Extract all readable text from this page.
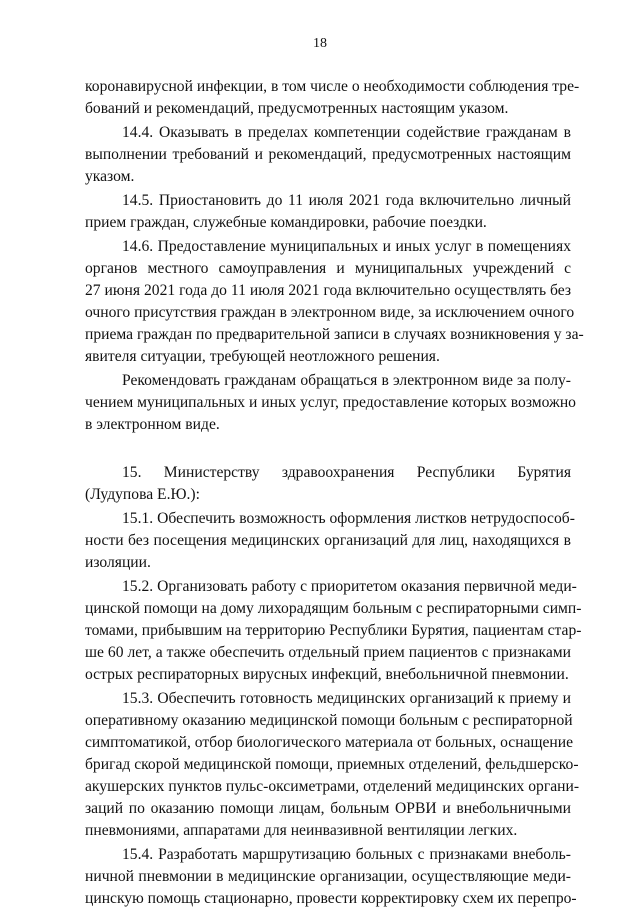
18
коронавирусной инфекции, в том числе о необходимости соблюдения тре-
бований и рекомендаций, предусмотренных настоящим указом.
14.4. Оказывать в пределах компетенции содействие гражданам в
выполнении требований и рекомендаций, предусмотренных настоящим
указом.
14.5. Приостановить до 11 июля 2021 года включительно личный
прием граждан, служебные командировки, рабочие поездки.
14.6. Предоставление муниципальных и иных услуг в помещениях
органов местного самоуправления и муниципальных учреждений с
27 июня 2021 года до 11 июля 2021 года включительно осуществлять без
очного присутствия граждан в электронном виде, за исключением очного
приема граждан по предварительной записи в случаях возникновения у за-
явителя ситуации, требующей неотложного решения.
Рекомендовать гражданам обращаться в электронном виде за полу-
чением муниципальных и иных услуг, предоставление которых возможно
в электронном виде.
15. Министерству здравоохранения Республики Бурятия
(Лудупова Е.Ю.):
15.1. Обеспечить возможность оформления листков нетрудоспособ-
ности без посещения медицинских организаций для лиц, находящихся в
изоляции.
15.2. Организовать работу с приоритетом оказания первичной меди-
цинской помощи на дому лихорадящим больным с респираторными симп-
томами, прибывшим на территорию Республики Бурятия, пациентам стар-
ше 60 лет, а также обеспечить отдельный прием пациентов с признаками
острых респираторных вирусных инфекций, внебольничной пневмонии.
15.3. Обеспечить готовность медицинских организаций к приему и
оперативному оказанию медицинской помощи больным с респираторной
симптоматикой, отбор биологического материала от больных, оснащение
бригад скорой медицинской помощи, приемных отделений, фельдшерско-
акушерских пунктов пульс-оксиметрами, отделений медицинских органи-
заций по оказанию помощи лицам, больным ОРВИ и внебольничными
пневмониями, аппаратами для неинвазивной вентиляции легких.
15.4. Разработать маршрутизацию больных с признаками внеболь-
ничной пневмонии в медицинские организации, осуществляющие меди-
цинскую помощь стационарно, провести корректировку схем их перепро-
